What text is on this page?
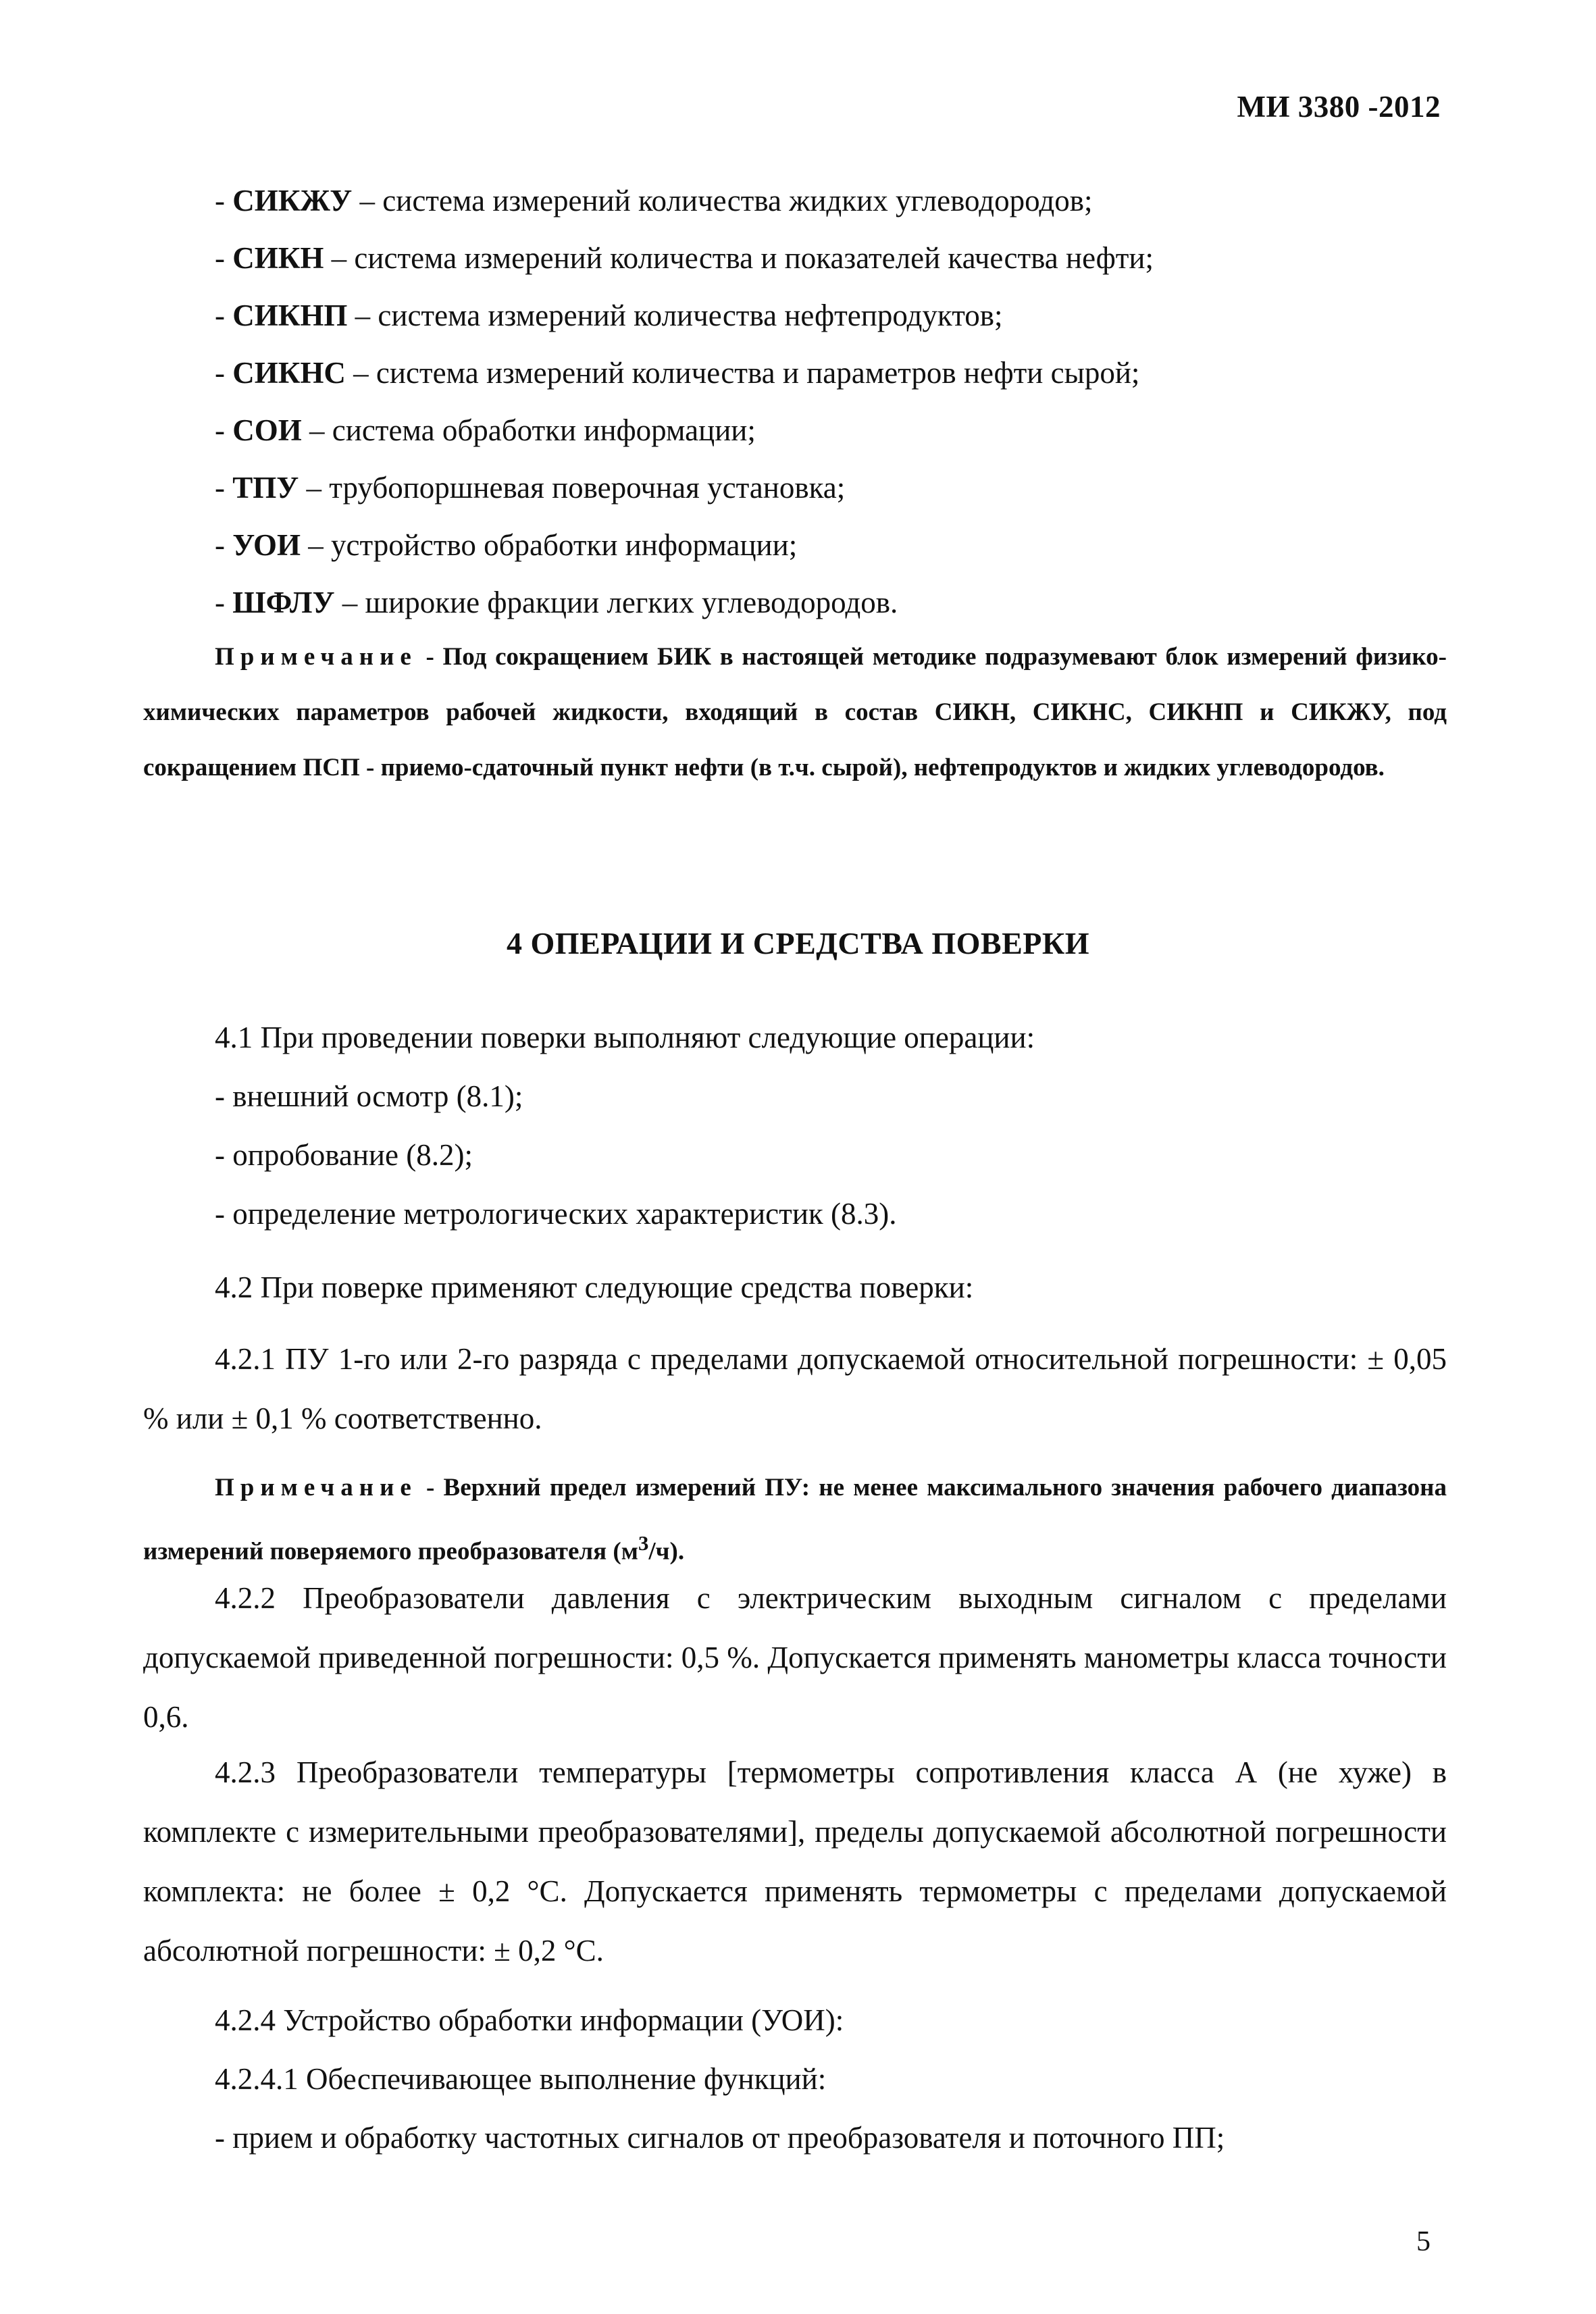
МИ 3380 -2012
- СИКЖУ – система измерений количества жидких углеводородов;
- СИКН – система измерений количества и показателей качества нефти;
- СИКНП – система измерений количества нефтепродуктов;
- СИКНС – система измерений количества и параметров нефти сырой;
- СОИ – система обработки информации;
- ТПУ – трубопоршневая поверочная установка;
- УОИ – устройство обработки информации;
- ШФЛУ – широкие фракции легких углеводородов.
Примечание - Под сокращением БИК в настоящей методике подразумевают блок измерений физико-химических параметров рабочей жидкости, входящий в состав СИКН, СИКНС, СИКНП и СИКЖУ, под сокращением ПСП - приемо-сдаточный пункт нефти (в т.ч. сырой), нефтепродуктов и жидких углеводородов.
4 ОПЕРАЦИИ И СРЕДСТВА ПОВЕРКИ
4.1 При проведении поверки выполняют следующие операции:
- внешний осмотр (8.1);
- опробование (8.2);
- определение метрологических характеристик (8.3).
4.2 При поверке применяют следующие средства поверки:
4.2.1 ПУ 1-го или 2-го разряда с пределами допускаемой относительной погрешности: ± 0,05 % или ± 0,1 % соответственно.
Примечание - Верхний предел измерений ПУ: не менее максимального значения рабочего диапазона измерений поверяемого преобразователя $(м^3/ч)$.
4.2.2 Преобразователи давления с электрическим выходным сигналом с пределами допускаемой приведенной погрешности: 0,5 %. Допускается применять манометры класса точности 0,6.
4.2.3 Преобразователи температуры [термометры сопротивления класса А (не хуже) в комплекте с измерительными преобразователями], пределы допускаемой абсолютной погрешности комплекта: не более ± 0,2 °С. Допускается применять термометры с пределами допускаемой абсолютной погрешности: ± 0,2 °С.
4.2.4 Устройство обработки информации (УОИ):
4.2.4.1 Обеспечивающее выполнение функций:
- прием и обработку частотных сигналов от преобразователя и поточного ПП;
5
